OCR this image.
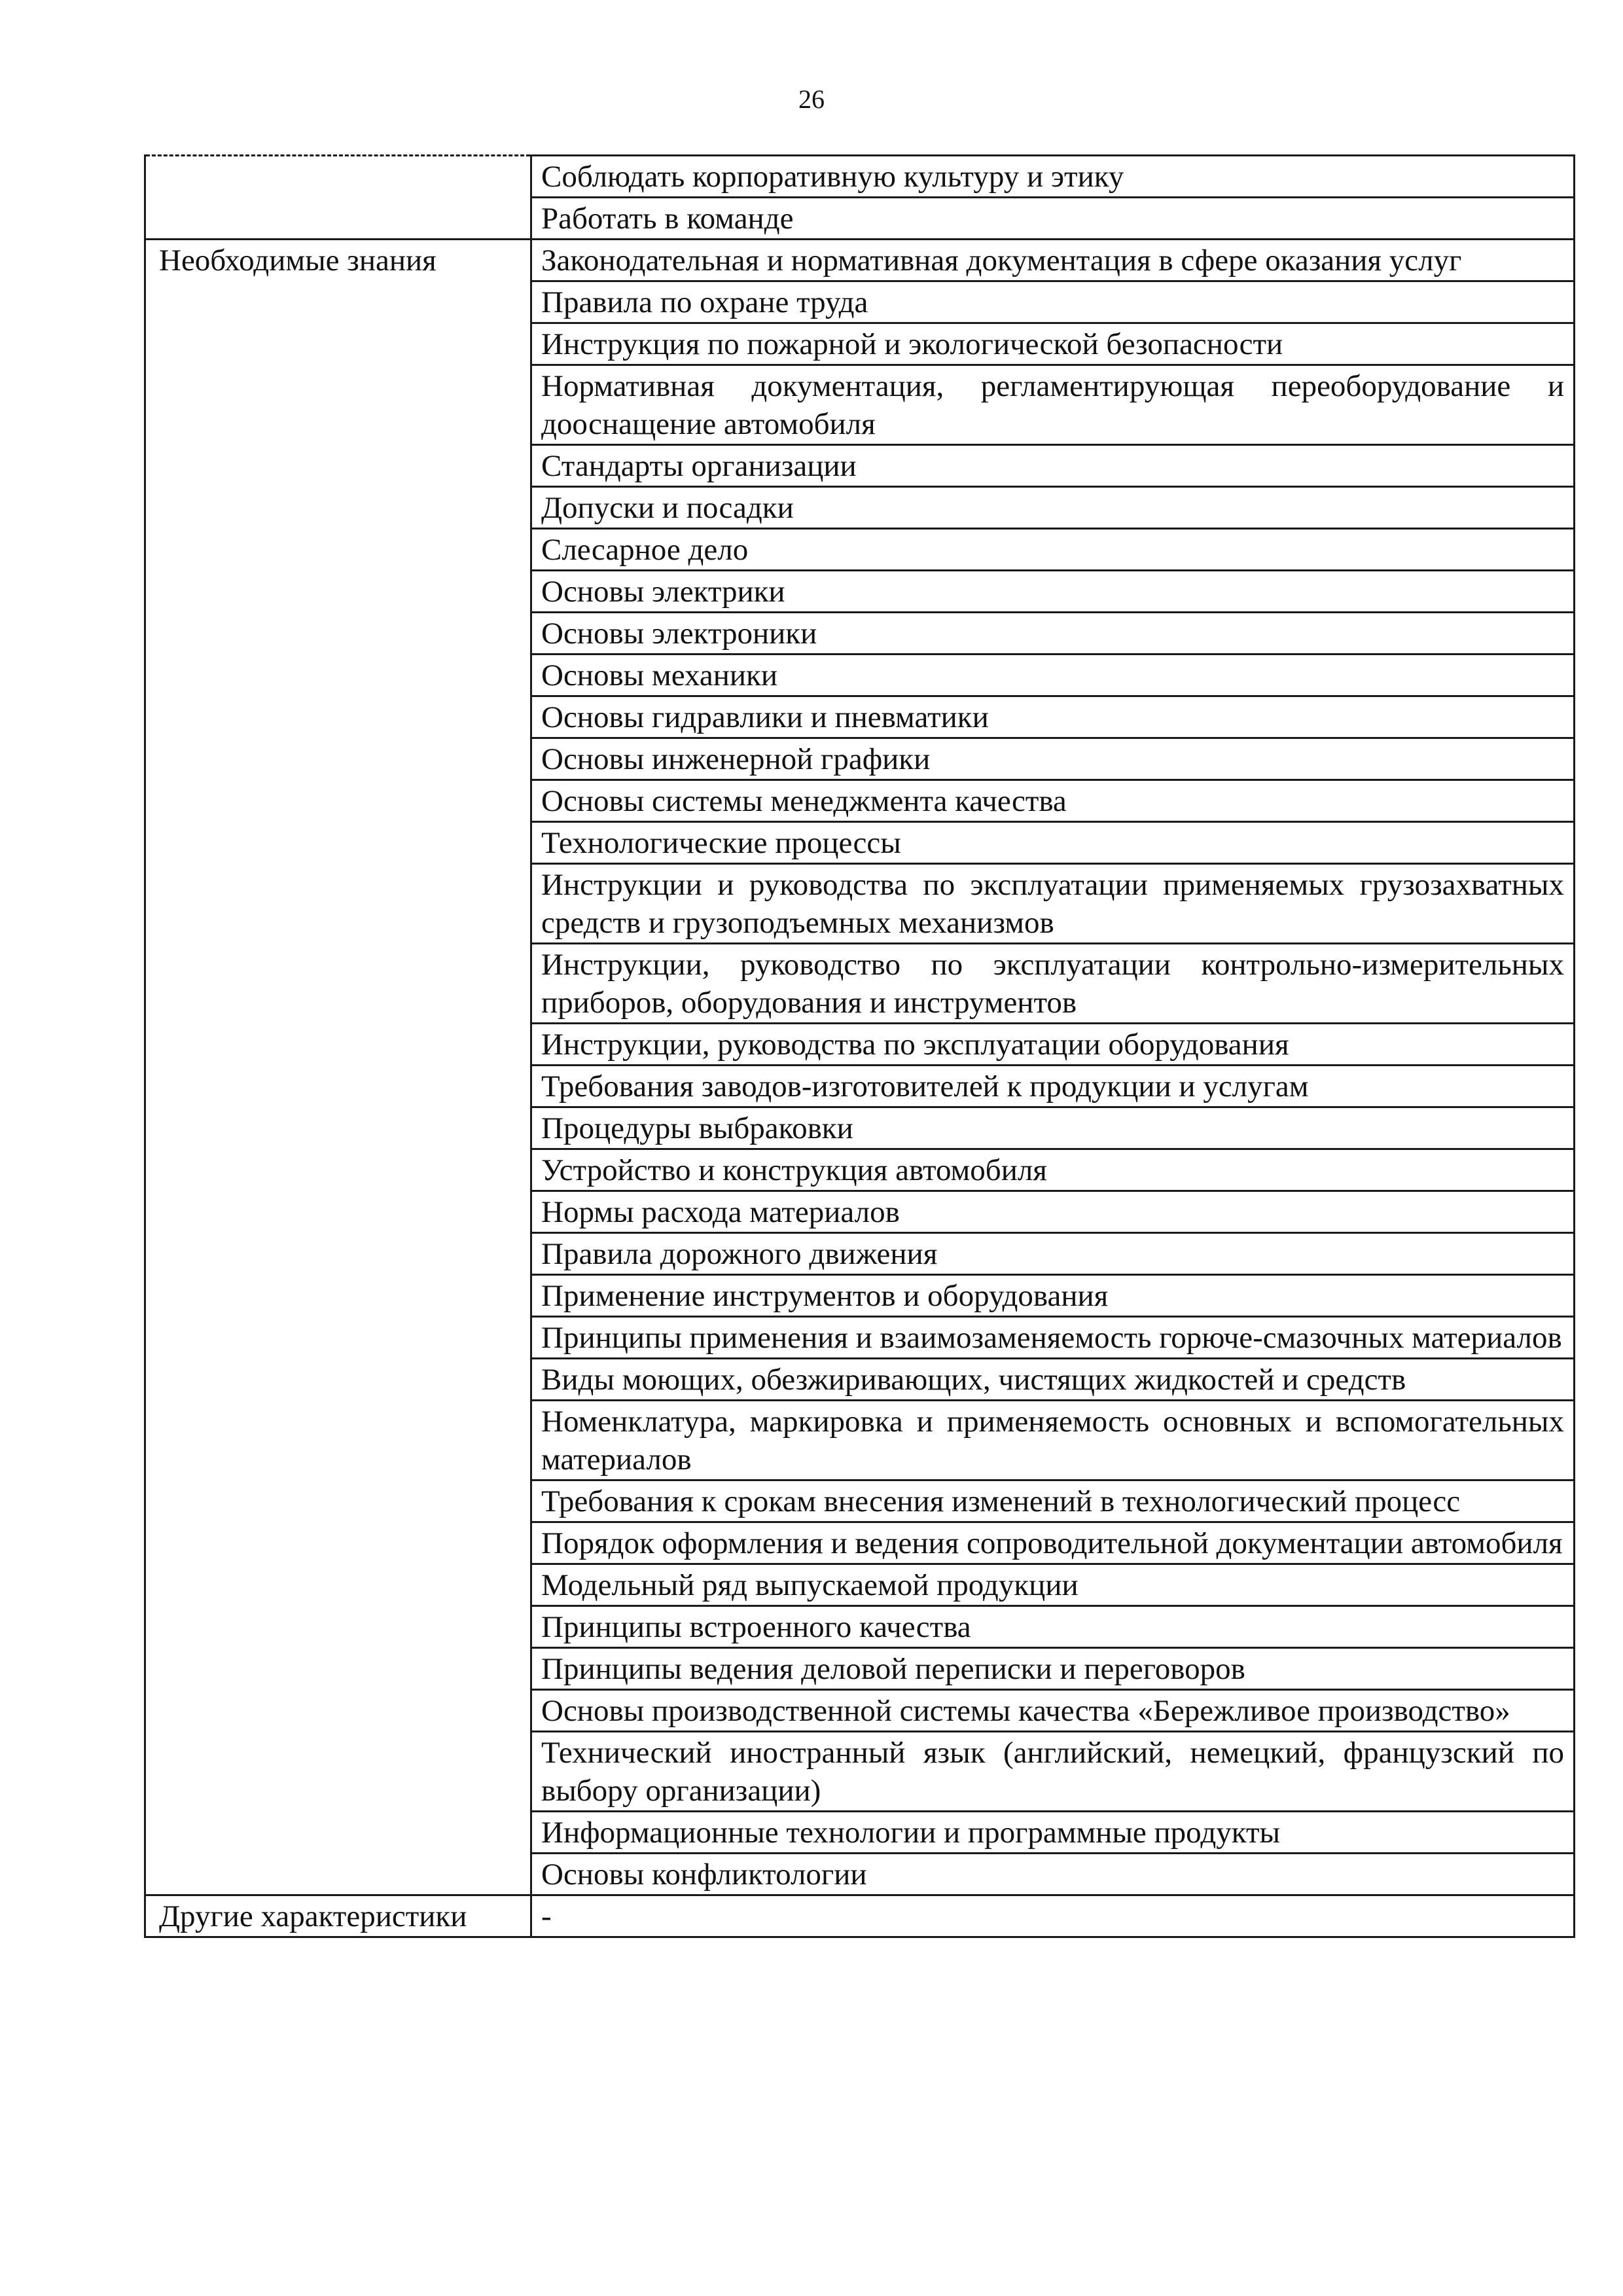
26
	Соблюдать корпоративную культуру и этику
	Работать в команде
Необходимые знания	Законодательная и нормативная документация в сфере оказания услуг
	Правила по охране труда
	Инструкция по пожарной и экологической безопасности
	Нормативная документация, регламентирующая переоборудование и дооснащение автомобиля
	Стандарты организации
	Допуски и посадки
	Слесарное дело
	Основы электрики
	Основы электроники
	Основы механики
	Основы гидравлики и пневматики
	Основы инженерной графики
	Основы системы менеджмента качества
	Технологические процессы
	Инструкции и руководства по эксплуатации применяемых грузозахватных средств и грузоподъемных механизмов
	Инструкции, руководство по эксплуатации контрольно-измерительных приборов, оборудования и инструментов
	Инструкции, руководства по эксплуатации оборудования
	Требования заводов-изготовителей к продукции и услугам
	Процедуры выбраковки
	Устройство и конструкция автомобиля
	Нормы расхода материалов
	Правила дорожного движения
	Применение инструментов и оборудования
	Принципы применения и взаимозаменяемость горюче-смазочных материалов
	Виды моющих, обезжиривающих, чистящих жидкостей и средств
	Номенклатура, маркировка и применяемость основных и вспомогательных материалов
	Требования к срокам внесения изменений в технологический процесс
	Порядок оформления и ведения сопроводительной документации автомобиля
	Модельный ряд выпускаемой продукции
	Принципы встроенного качества
	Принципы ведения деловой переписки и переговоров
	Основы производственной системы качества «Бережливое производство»
	Технический иностранный язык (английский, немецкий, французский по выбору организации)
	Информационные технологии и программные продукты
	Основы конфликтологии
Другие характеристики	-
